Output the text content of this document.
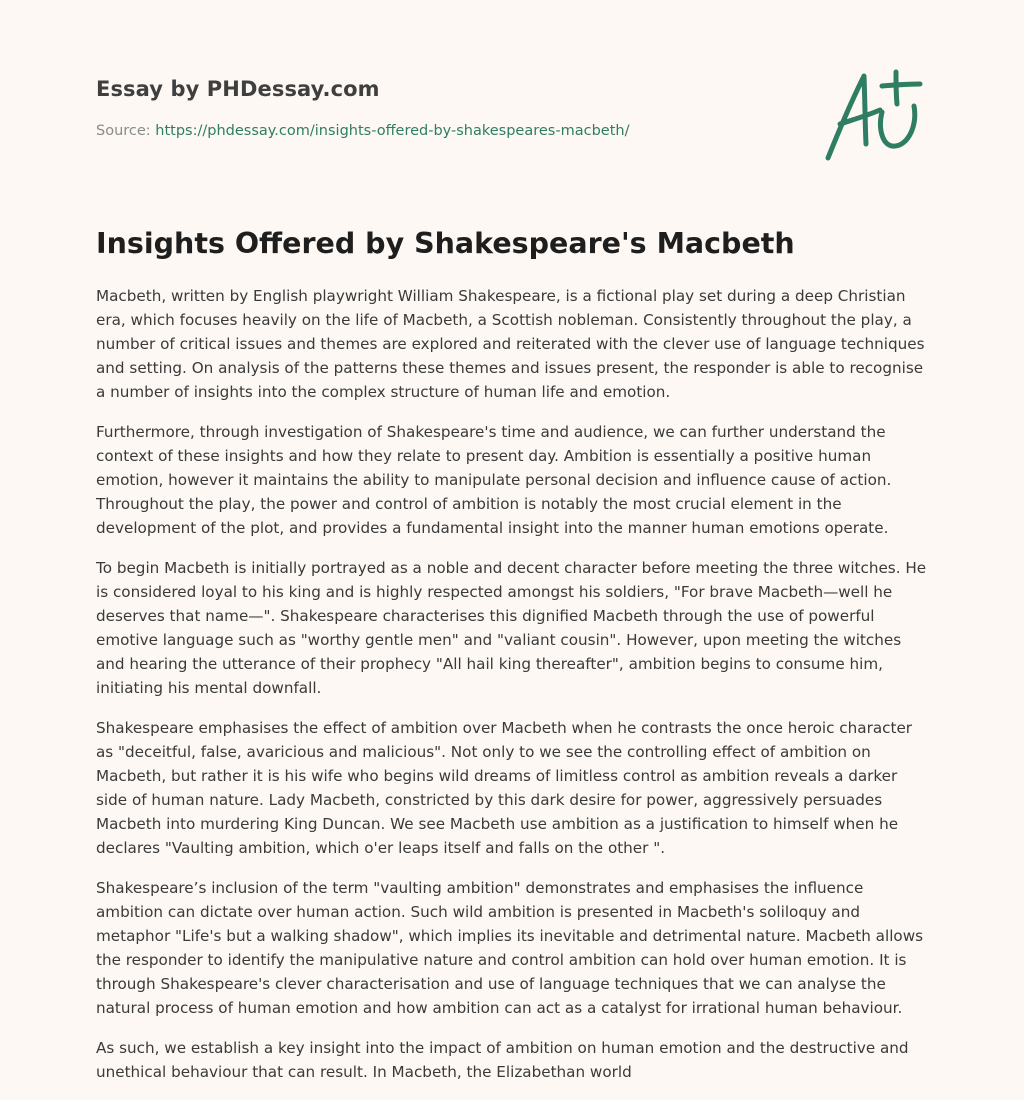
Essay by PHDessay.com
Source: https://phdessay.com/insights-offered-by-shakespeares-macbeth/
Insights Offered by Shakespeare's Macbeth

Macbeth, written by English playwright William Shakespeare, is a fictional play set during a deep Christian era, which focuses heavily on the life of Macbeth, a Scottish nobleman. Consistently throughout the play, a number of critical issues and themes are explored and reiterated with the clever use of language techniques and setting. On analysis of the patterns these themes and issues present, the responder is able to recognise a number of insights into the complex structure of human life and emotion.

Furthermore, through investigation of Shakespeare's time and audience, we can further understand the context of these insights and how they relate to present day. Ambition is essentially a positive human emotion, however it maintains the ability to manipulate personal decision and influence cause of action. Throughout the play, the power and control of ambition is notably the most crucial element in the development of the plot, and provides a fundamental insight into the manner human emotions operate.

To begin Macbeth is initially portrayed as a noble and decent character before meeting the three witches. He is considered loyal to his king and is highly respected amongst his soldiers, "For brave Macbeth—well he deserves that name—". Shakespeare characterises this dignified Macbeth through the use of powerful emotive language such as "worthy gentle men" and "valiant cousin". However, upon meeting the witches and hearing the utterance of their prophecy "All hail king thereafter", ambition begins to consume him, initiating his mental downfall.

Shakespeare emphasises the effect of ambition over Macbeth when he contrasts the once heroic character as "deceitful, false, avaricious and malicious". Not only to we see the controlling effect of ambition on Macbeth, but rather it is his wife who begins wild dreams of limitless control as ambition reveals a darker side of human nature. Lady Macbeth, constricted by this dark desire for power, aggressively persuades Macbeth into murdering King Duncan. We see Macbeth use ambition as a justification to himself when he declares "Vaulting ambition, which o'er leaps itself and falls on the other ".

Shakespeare’s inclusion of the term "vaulting ambition" demonstrates and emphasises the influence ambition can dictate over human action. Such wild ambition is presented in Macbeth's soliloquy and metaphor "Life's but a walking shadow", which implies its inevitable and detrimental nature. Macbeth allows the responder to identify the manipulative nature and control ambition can hold over human emotion. It is through Shakespeare's clever characterisation and use of language techniques that we can analyse the natural process of human emotion and how ambition can act as a catalyst for irrational human behaviour.

As such, we establish a key insight into the impact of ambition on human emotion and the destructive and unethical behaviour that can result. In Macbeth, the Elizabethan world
